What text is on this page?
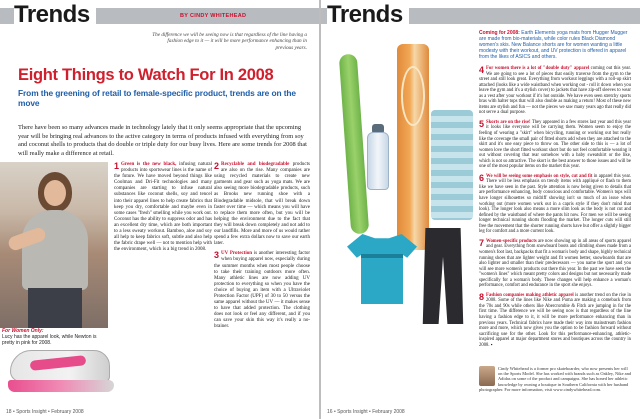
Trends	BY CINDY WHITEHEAD
The difference we will be seeing now is that regardless of the line having a fashion edge to it — it will be more performance enhancing than in previous years.
Eight Things to Watch For In 2008
From the greening of retail to female-specific product, trends are on the move
There have been so many advances made in technology lately that it only seems appropriate that the upcoming year will be bringing real advances to the active category in terms of products infused with everything from soy and coconut shells to products that do double or triple duty for our busy lives. Here are some trends for 2008 that will really make a difference at retail.
For Women Only:
Lucy has the apparel look, while Newton is pretty in pink for 2008.

1 Green is the new black, infusing natural products into sportswear lines is the name of the future. We have moved beyond things like Coolmax and Dri-Fit technologies and many companies are starting to infuse natural substances like coconut shells, soy and tencel into their apparel lines to help create fabrics that keep you dry, comfortable and maybe even in some cases "fresh" smelling while you work out. Coconut has the ability to suppress odor and has an excellent dry time, which are both important to a less sweaty workout. Bamboo, aloe and soy all help to keep fabrics soft, subtle and also help the fabric drape well — not to mention help with the environment, which is a big trend in 2008.

2 Recyclable and biodegradable products are also on the rise. Many companies are using recycled materials to create new garments and gear such as yoga mats. We are also seeing more biodegradable products, such as Brooks new running shoe with a Biodegradable midsole, that will break down faster over time — which means you will have to replace them more often, but you will be helping the environment due to the fact that they will break down completely and not add to our landfills. More and more of us would rather spend a few extra dollars now to save our earth later.

3 UV Protection is another interesting factor when buying apparel now, especially during the summer months when most people choose to take their training outdoors more often. Many athletic lines are now adding UV protection to everything so when you have the choice of buying an item with a Ultraviolet Protection Factor (UPF) of 30 to 50 versus the same apparel without the UV — it makes sense to have that added protection. The clothing does not look or feel any different, and if you can save your skin this way it's really a no-brainer.

18 • Sports Insight • February 2008
Trends
Coming for 2008: Earth Elements yoga mats from Hugger Mugger are made from bio-materials, while color rules Black Diamond women's skis. New Balance shorts are for women wanting a little modesty with their workout, and UV protection is offered in apparel from the likes of ASICS and others.

4 For women there is a lot of "double duty" apparel coming out this year. We are going to see a lot of pieces that easily traverse from the gym to the street and still look great. Everything from workout leggings with a roll-up skirt attached (looks like a wide waistband when working out - roll it down when you leave the gym and it's a stylish cover) to jackets that have zip-off sleeves to wear as a vest after your workout if it's hot outside. We have even seen stretchy sports bras with halter tops that will also double as making a return! Most of these new items are stylish and fun — not the pieces we saw many years ago that really did not serve a dual purpose.

5 Skorts are on the rise! They appeared in a few stores last year and this year it looks like everyone will be carrying them. Women seem to enjoy the feeling of wearing a "skirt" when bicycling, running or working out but really like the coverage the small pair of fitted shorts add when they are attached to the skirt and it's one easy piece to throw on. The other side to this is — a lot of women love the short fitted workout short but do not feel comfortable wearing it out without covering that rear somehow with a baby sweatshirt or the like, which is not so attractive. The skort is the best answer to those issues and will be one of the most popular items on the market this year.

6 We will be seeing some emphasis on style, cut and fit in apparel this year. There will be less emphasis on trendy items with appliqué or flash to them like we have seen in the past. Style attention is now being given to details that are performance enhancing, body conscious and comfortable. Women's tops will have longer silhouettes so midriff showing isn't so much of an issue when working out (more women work out in a capris style if they don't mind that look). The longer look also means a more slim look as the body is not cut and defined by the waistband of where the pants hit now. For men we will be seeing longer technical running shorts flooding the market. The longer cuts will still free the movement that the shorter running shorts have but offer a slightly bigger leg for comfort and a more current look.

7 Women-specific products are now showing up in all areas of sports apparel and gear. Everything from snowboard boots and climbing shoes made from a women's foot last, backpacks that fit a woman's body and shape, highly technical running shoes that are lighter weight and fit women better, snowboards that are also lighter and smaller than their predecessors — you name the sport and you will see more women's products out there this year. In the past we have seen the "women's lines" which meant pretty colors and designs but not necessarily made specifically for a woman's body. These changes will help enhance a woman's performance, comfort and endurance in the sport she enjoys.

8 Fashion companies making athletic apparel is another trend on the rise in 2008. Some of the lines like Nike and Puma are making a comeback from the 70s and 90s while others like Abercrombie & Fitch are jumping in for the first time. The difference we will be seeing now is that regardless of the line having a fashion edge to it, it will be more performance enhancing than in previous years. Technical fabrics have made their way into mainstream fashion more and more, which now gives you the option to be fashion forward without sacrificing use for the other. Look for this performance-enhancing, athletic-inspired apparel at major department stores and boutiques across the country in 2008. ▪

Cindy Whitehead is a former pro skateboarder, who now presents her will on the Sports Model. She has worked with brands such as Oakley, Nike and Adidas on some of the product and campaigns. She has honed her athletic knowledge by owning a boutique in Southern California with her husband photographer. For more information, visit www.cindywhitehead.com.
16 • Sports Insight • February 2008
